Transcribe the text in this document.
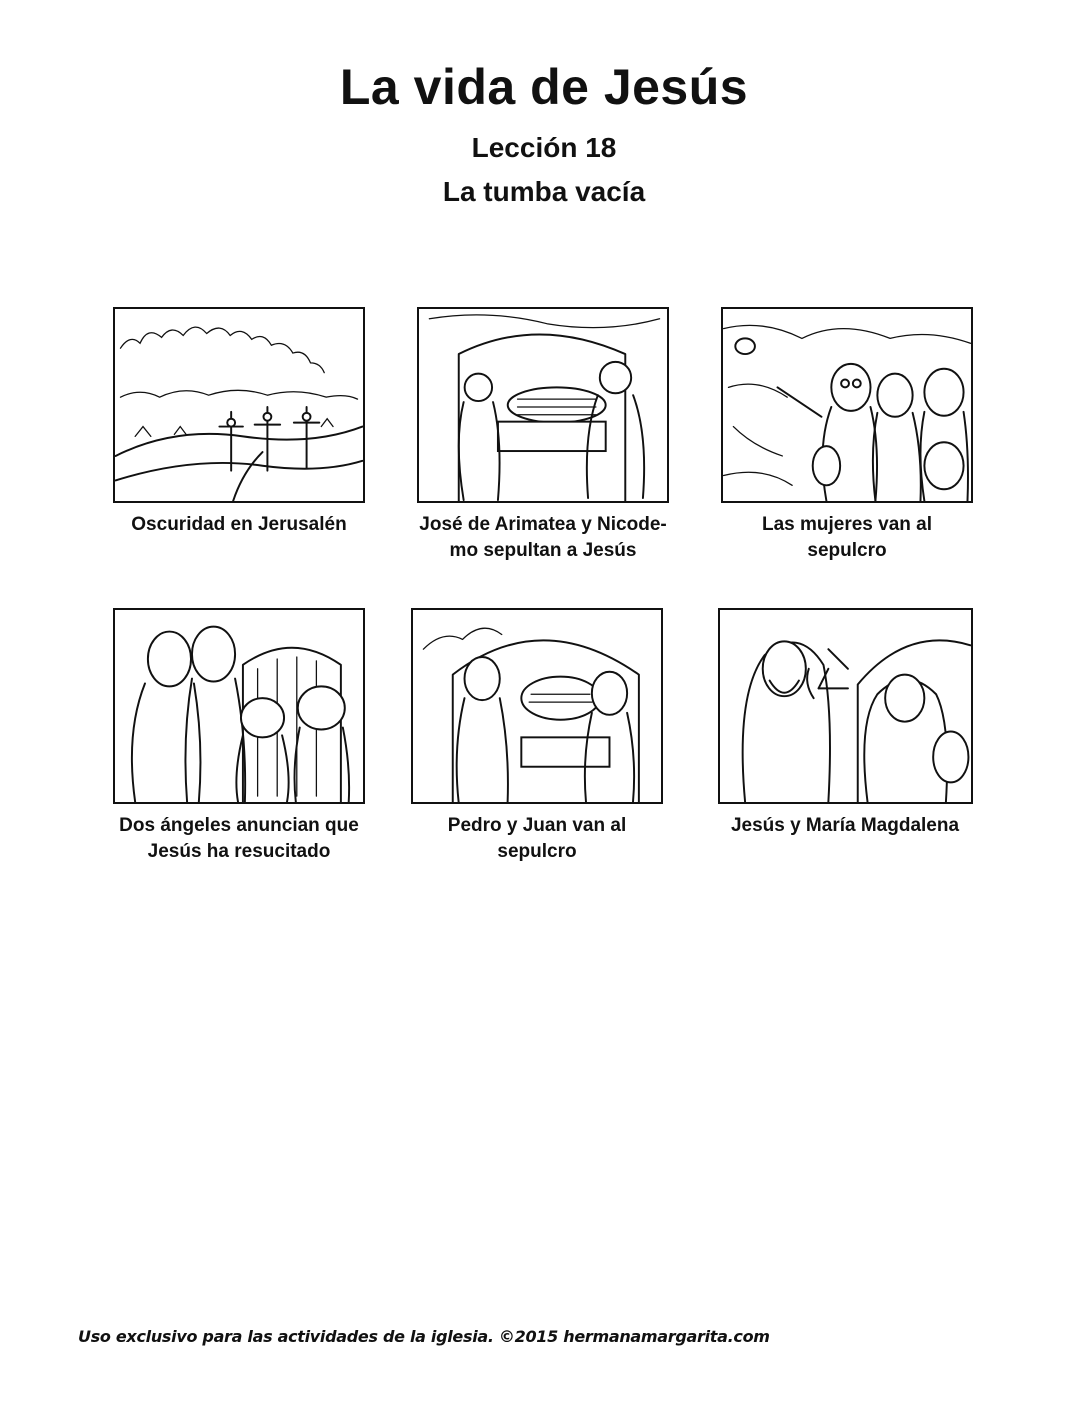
La vida de Jesús
Lección 18
La tumba vacía
Oscuridad en Jerusalén	José de Arimatea y Nicode-
mo sepultan a Jesús
Las mujeres van al
sepulcro
Dos ángeles anuncian que
Jesús ha resucitado
Pedro y Juan van al
sepulcro
Jesús y María Magdalena
Uso exclusivo para las actividades de la iglesia. ©2015 hermanamargarita.com
